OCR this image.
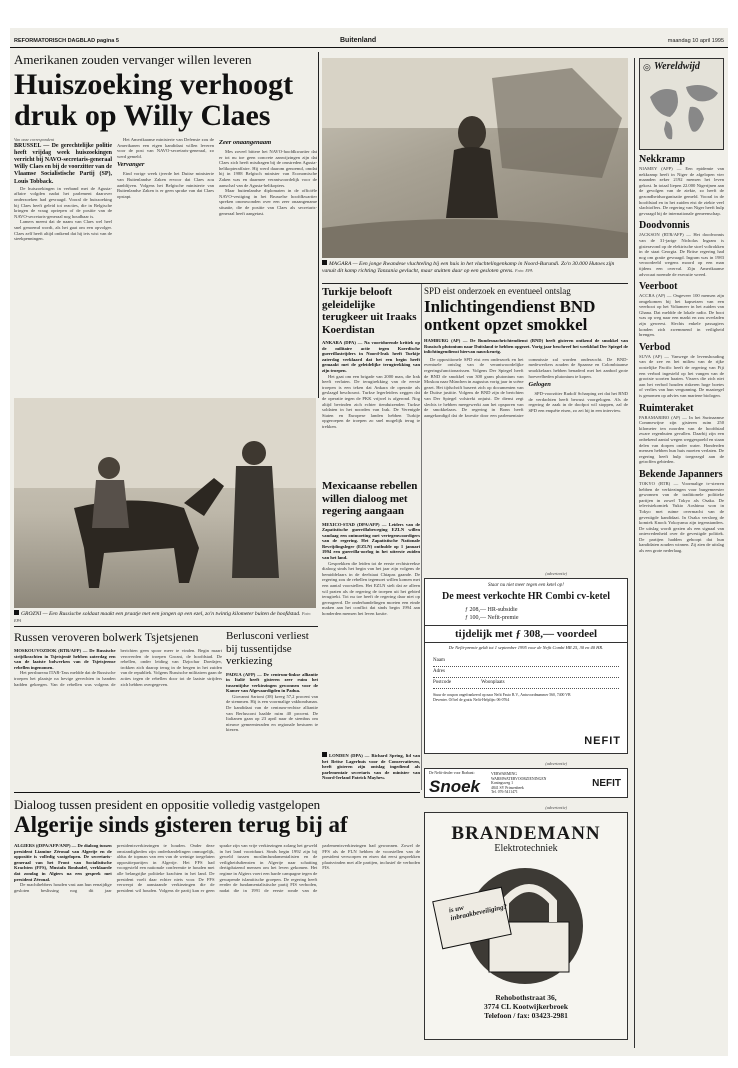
REFORMATORISCH DAGBLAD pagina 5	Buitenland	maandag 10 april 1995
Amerikanen zouden vervanger willen leveren
Huiszoeking verhoogt druk op Willy Claes
Van onze correspondent

BRUSSEL — De gerechtelijke politie heeft vrijdag week huiszoekingen verricht bij NAVO-secretaris-generaal Willy Claes en bij de voorzitter van de Vlaamse Socialistische Partij (SP), Louis Tobback.

De huiszoekingen in verband met de Agusta-affaire volgden nadat het parlement daarover onderzoeken had gevraagd. Vooral de huiszoeking bij Claes heeft geleid tot reacties, die in Belgische kringen de vraag opriepen of de positie van de NAVO-secretaris-generaal nog houdbaar is.

Lamers meent dat de naam van Claes wel heel snel genoemd wordt, als het gaat om een opvolger. Claes zelf heeft altijd ontkend dat hij iets wist van de steekpenningen.

Het Amerikaanse ministerie van Defensie zou de Amerikanen een eigen kandidaat willen leveren voor de post van NAVO-secretaris-generaal, zo werd gemeld.

Vervanger

Eind vorige week ijverde het Duitse ministerie van Buitenlandse Zaken ervoor dat Claes zou aanblijven. Volgens het Belgische ministerie van Buitenlandse Zaken is er geen sprake van dat Claes opstapt.

Zeer onaangenaam

Mes zoveel bittere het NAVO-hoofdkwartier dat er tot nu toe geen concrete aanwijzingen zijn dat Claes zich heeft misdragen bij de omstreden Agusta-helikopteraffaire. Hij werd daarom genoemd, omdat hij in 1988 Belgisch minister van Economische Zaken was en daarmee verantwoordelijk voor de aanschaf van de Agusta-helikopters.

Maar buitenlandse diplomaten in de officiële NAVO-vestiging in het Brusselse hoofdkwartier spreken onomwonden over een zeer onaangename situatie, die de positie van Claes als secretaris-generaal heeft aangetast.

MAGARA — Een jonge Rwandese vluchteling bij een huis in het vluchtelingenkamp in Noord-Burundi. Zo'n 30.000 Hutoes zijn vanuit dit kamp richting Tanzania gevlucht, maar stuitten daar op een gesloten grens. Foto: EPA
Turkije belooft geleidelijke terugkeer uit Iraaks Koerdistan

ANKARA (DPA) — Na voortdurende kritiek op de militaire actie tegen Koerdische guerrillastrijders in Noord-Irak heeft Turkije zaterdag verklaard dat het een begin heeft gemaakt met de geleidelijke terugtrekking van zijn troepen.

Het gaat om een brigade van 2000 man, die Irak heeft verlaten. De terugtrekking van de eerste troepen is een teken dat Ankara de operatie als geslaagd beschouwt. Turkse legerleiders zeggen dat de operatie tegen de PKK vrijwel is afgerond. Nog altijd bevinden zich echter tienduizenden Turkse soldaten in het noorden van Irak. De Verenigde Staten en Europese landen hebben Turkije opgeroepen de troepen zo snel mogelijk terug te trekken.

Mexicaanse rebellen willen dialoog met regering aangaan

MEXICO-STAD (DPA/AFP) — Leiders van de Zapatistische guerrillabeweging EZLN willen vandaag een ontmoeting met vertegenwoordigers van de regering. Het Zapatistische Nationale Bevrijdingsleger (EZLN) onthulde op 1 januari 1994 een guerrilla-oorlog in het uiterste zuiden van het land.

Gesprekken die leiden tot de eerste rechtstreekse dialoog sinds het begin van het jaar zijn volgens de bemiddelaars in de deelstaat Chiapas gaande. De regering zou de rebellen tegemoet willen komen met een aantal voorstellen. Het EZLN stelt dat ze alleen wil praten als de regering de troepen uit het gebied terugtrekt. Tot nu toe heeft de regering daar niet op gereageerd. De onderhandelingen moeten een einde maken aan het conflict dat sinds begin 1994 aan honderden mensen het leven kostte.

SPD eist onderzoek en eventueel ontslag
Inlichtingendienst BND ontkent opzet smokkel

HAMBURG (AP) — De Bundesnachrichtendienst (BND) heeft gisteren ontkend de smokkel van Russisch plutonium naar Duitsland te hebben opgezet. Vorig jaar beschreef het weekblad Der Spiegel de inlichtingendienst hiervan nauwkeurig.

De oppositionele SPD eist een onderzoek en het eventuele ontslag van de verantwoordelijke regeringsfunctionarissen. Volgens Der Spiegel heeft de BND de smokkel van 300 gram plutonium van Moskou naar München in augustus vorig jaar in scène gezet. Het tijdschrift baseert zich op documenten van de Duitse justitie. Volgens de BND zijn de berichten van Der Spiegel volstrekt onjuist. De dienst zegt slechts te hebben meegewerkt aan het opsporen van de smokkelaars. De regering in Bonn heeft aangekondigd dat de kwestie door een parlementaire commissie zal worden onderzocht. De BND-medewerkers zouden de Spaanse en Colombiaanse smokkelaars hebben benaderd met het aanbod grote hoeveelheden plutonium te kopen.

Gelogen

SPD-voorzitter Rudolf Scharping zei dat het BND de verdachten heeft bewust voorgelogen. Als de regering de zaak in de doofpot wil stoppen, zal de SPD een enquête eisen, zo zei hij in een interview.

GROZNI — Een Russische soldaat maakt een praatje met een jongen op een ezel, zo'n twintig kilometer buiten de hoofdstad. Foto: EPA
Russen veroveren bolwerk Tsjetsjenen

MOSKOU/VOZDOK (RTR/AFP) — De Russische strijdkrachten in Tsjetsjenië hebben zaterdag een van de laatste bolwerken van de Tsjetsjeense rebellen ingenomen.

Het persbureau ITAR-Tass meldde dat de Russische troepen het plaatsje na hevige gevechten in handen hadden gekregen. Van de rebellen was volgens de berichten geen spoor meer te vinden. Begin maart veroverden de troepen Grozni, de hoofdstad. De rebellen, onder leiding van Dzjochar Doedajev, trokken zich daarop terug in de bergen in het zuiden van de republiek. Volgens Russische militairen gaan de acties tegen de rebellen door tot de laatste strijders zich hebben overgegeven.

Berlusconi verliest bij tussentijdse verkiezing

PADUA (AFP) — De centrum-linkse alliantie in Italië heeft gisteren zeer ruim het tussentijdse verkiezingen gewonnen voor de Kamer van Afgevaardigden in Padua.

Giovanni Sartoni (38) kreeg 57,2 procent van de stemmen. Hij is een voormalige vakbondsman. De kandidaat van de centrum-rechtse alliantie van Berlusconi haalde ruim 40 procent. De Italianen gaan op 23 april naar de stembus om nieuwe gemeenteraden en regionale besturen te kiezen.

LONDEN (DPA) — Richard Spring, lid van het Britse Lagerhuis voor de Conservatieven, heeft gisteren zijn ontslag ingediend als parlementair secretaris van de minister van Noord-Ierland Patrick Mayhew.
(advertentie)
Staar nu niet meer tegen een ketel op!
De meest verkochte HR Combi cv-ketel
ƒ 208,— HR-subsidie
ƒ 100,— Nefit-premie
tijdelijk met ƒ 308,— voordeel
De Nefit-premie geldt tot 1 september 1995 voor de Nefit Combi HR 25, 30 en 40 HR.
Naam
Adres
Postcode	Woonplaats
Stuur de coupon ongefrankeerd op naar Nefit Fasto B.V., Antwoordnummer 560, 7400 VB Deventer. Of bel de gratis Nefit-Helplijn: 06-0764
NEFIT
(advertentie)
De Nefit-dealer voor Brabant:
Snoek
VERWARMING
WARMWATERVOORZIENINGEN
Koningsweg 1
4841 SV Prinsenbeek
Tel. 076-5411471
NEFIT
(advertentie)
BRANDEMANN
Elektrotechniek
is uw inbraakbeveiliging?
Rehobothstraat 36,
3774 CL Kootwijkerbroek
Telefoon / fax: 03423-2981
Dialoog tussen president en oppositie volledig vastgelopen
Algerije sinds gisteren terug bij af

ALGIERS ((DPA/AFP/ANP) — De dialoog tussen president Liamine Zéroual van Algerije en de oppositie is volledig vastgelopen. De secretaris-generaal van het Front van Socialistische Krachten (FFS), Mustafa Bouhadef, verklaarde dat zondag in Algiers na een gesprek met president Zéroual.

De machthebbers houden vast aan hun eenzijdige gesloten beslissing nog dit jaar presidentsverkiezingen te houden. Onder deze omstandigheden zijn onderhandelingen onmogelijk, aldus de topman van een van de weinige toegelaten oppositiepartijen in Algerije. Het FFS had voorgesteld een nationale conferentie te houden met alle belangrijke politieke krachten in het land. De president voelt daar echter niets voor. De FFS verwerpt de aanstaande verkiezingen die de president wil houden. Volgens de partij kan er geen sprake zijn van vrije verkiezingen zolang het geweld in het land voortduurt. Sinds begin 1992 zijn bij geweld tussen moslimfundamentalisten en de veiligheidsdiensten in Algerije naar schatting dertigduizend mensen om het leven gekomen. Het regime in Algiers voert een harde campagne tegen de gewapende islamitische groepen. De regering heeft eerder de fundamentalistische partij FIS verboden, nadat die in 1991 de eerste ronde van de parlementsverkiezingen had gewonnen. Zowel de FFS als de FLN hebben de voorstellen van de president verworpen en eisen dat eerst gesprekken plaatsvinden met alle partijen, inclusief de verboden FIS.

◎ Wereldwijd
Nekkramp

NIAMEY (AFP) — Een epidemie van nekkramp heeft in Niger de afgelopen vier maanden zeker 2192 mensen het leven gekost. In totaal liepen 22.000 Nigerijnen aan de gevolgen van de ziekte, zo heeft de gezondheidsorganisatie gemeld. Vooral in de hoofdstad en in het zuiden eist de ziekte veel slachtoffers. De regering van Niger heeft hulp gevraagd bij de internationale gemeenschap.

Doodvonnis

JACKSON (RTR/AFP) — Het doodvonnis van de 31-jarige Nicholas Ingram is gisteravond op de elektrische stoel voltrokken in de staat Georgia. De Britse regering had nog om gratie gevraagd. Ingram was in 1983 veroordeeld wegens moord op een man tijdens een overval. Zijn Amerikaanse advocaat noemde de executie wreed.

Veerboot

ACCRA (AP) — Ongeveer 100 mensen zijn omgekomen bij het kapseizen van een veerboot op het Voltameer in het zuiden van Ghana. Dat meldde de lokale radio. De boot was op weg naar een markt en zou overladen zijn geweest. Slechts enkele passagiers konden zich zwemmend in veiligheid brengen.

Verbod

SUVA (AP) — Vanwege de levenshouding van de zee en het milieu van de rijke oostelijke Pacific heeft de regering van Fiji een verbod ingesteld op het vangen van de grootste soorten haaien. Vissers die zich niet aan het verbod houden riskeren hoge boetes of verlies van hun vergunning. De maatregel is genomen op advies van mariene biologen.

Ruimteraket

PARAMARIBO (AP) — In het Surinaamse Commewijne zijn gisteren ruim 250 kilometer ten noorden van de hoofdstad zware regenbuien gevallen. Daarbij zijn een onbekend aantal wegen weggespoeld en staan delen van dorpen onder water. Honderden mensen hebben hun huis moeten verlaten. De regering heeft hulp toegezegd aan de getroffen gebieden.

Bekende Japanners

TOKYO (RTR) — Voormalige tv-sterren hebben de verkiezingen voor burgemeester gewonnen van de traditionele politieke partijen in zowel Tokyo als Osaka. De televisiekomiek Yukio Aoshima won in Tokyo met ruime overmacht van de gevestigde kandidaat. In Osaka versloeg de komiek Knock Yokoyama zijn tegenstanders. De uitslag wordt gezien als een signaal van ontevredenheid over de gevestigde politiek. De partijen hadden gehoopt dat hun kandidaten zouden winnen. Zij zien de uitslag als een grote nederlaag.
